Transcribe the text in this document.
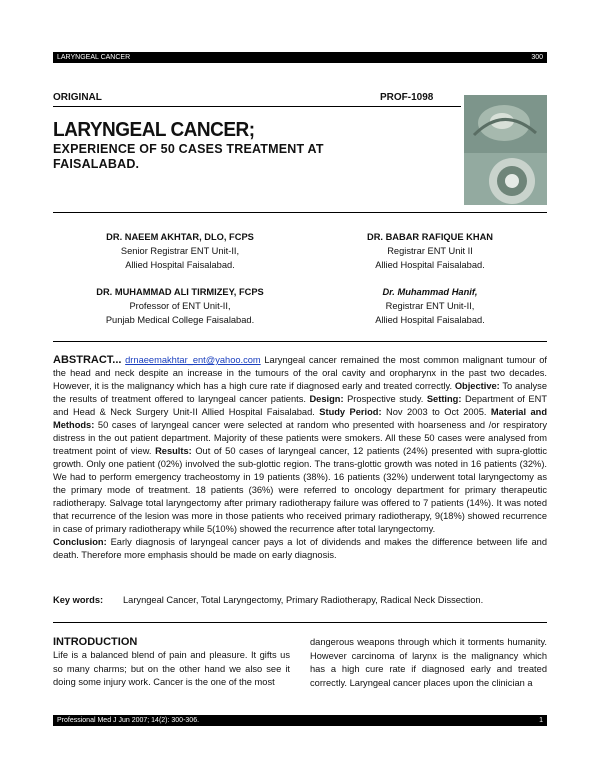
LARYNGEAL CANCER	300
ORIGINAL	PROF-1098
LARYNGEAL CANCER;
EXPERIENCE OF 50 CASES TREATMENT AT FAISALABAD.
DR. NAEEM AKHTAR, DLO, FCPS
Senior Registrar ENT Unit-II,
Allied Hospital Faisalabad.
DR. BABAR RAFIQUE KHAN
Registrar ENT Unit II
Allied Hospital Faisalabad.
DR. MUHAMMAD ALI TIRMIZEY, FCPS
Professor of ENT Unit-II,
Punjab Medical College Faisalabad.
Dr. Muhammad Hanif,
Registrar ENT Unit-II,
Allied Hospital Faisalabad.
ABSTRACT... drnaeemakhtar_ent@yahoo.com Laryngeal cancer remained the most common malignant tumour of the head and neck despite an increase in the tumours of the oral cavity and oropharynx in the past two decades. However, it is the malignancy which has a high cure rate if diagnosed early and treated correctly. Objective: To analyse the results of treatment offered to laryngeal cancer patients. Design: Prospective study. Setting: Department of ENT and Head & Neck Surgery Unit-II Allied Hospital Faisalabad. Study Period: Nov 2003 to Oct 2005. Material and Methods: 50 cases of laryngeal cancer were selected at random who presented with hoarseness and /or respiratory distress in the out patient department. Majority of these patients were smokers. All these 50 cases were analysed from treatment point of view. Results: Out of 50 cases of laryngeal cancer, 12 patients (24%) presented with supra-glottic growth. Only one patient (02%) involved the sub-glottic region. The trans-glottic growth was noted in 16 patients (32%). We had to perform emergency tracheostomy in 19 patients (38%). 16 patients (32%) underwent total laryngectomy as the primary mode of treatment. 18 patients (36%) were referred to oncology department for primary therapeutic radiotherapy. Salvage total laryngectomy after primary radiotherapy failure was offered to 7 patients (14%). It was noted that recurrence of the lesion was more in those patients who received primary radiotherapy, 9(18%) showed recurrence in case of primary radiotherapy while 5(10%) showed the recurrence after total laryngectomy.
Conclusion: Early diagnosis of laryngeal cancer pays a lot of dividends and makes the difference between life and death. Therefore more emphasis should be made on early diagnosis.
Key words: Laryngeal Cancer, Total Laryngectomy, Primary Radiotherapy, Radical Neck Dissection.
INTRODUCTION
Life is a balanced blend of pain and pleasure. It gifts us so many charms; but on the other hand we also see it doing some injury work. Cancer is the one of the most
dangerous weapons through which it torments humanity. However carcinoma of larynx is the malignancy which has a high cure rate if diagnosed early and treated correctly. Laryngeal cancer places upon the clinician a
Professional Med J Jun 2007; 14(2): 300-306.	1
